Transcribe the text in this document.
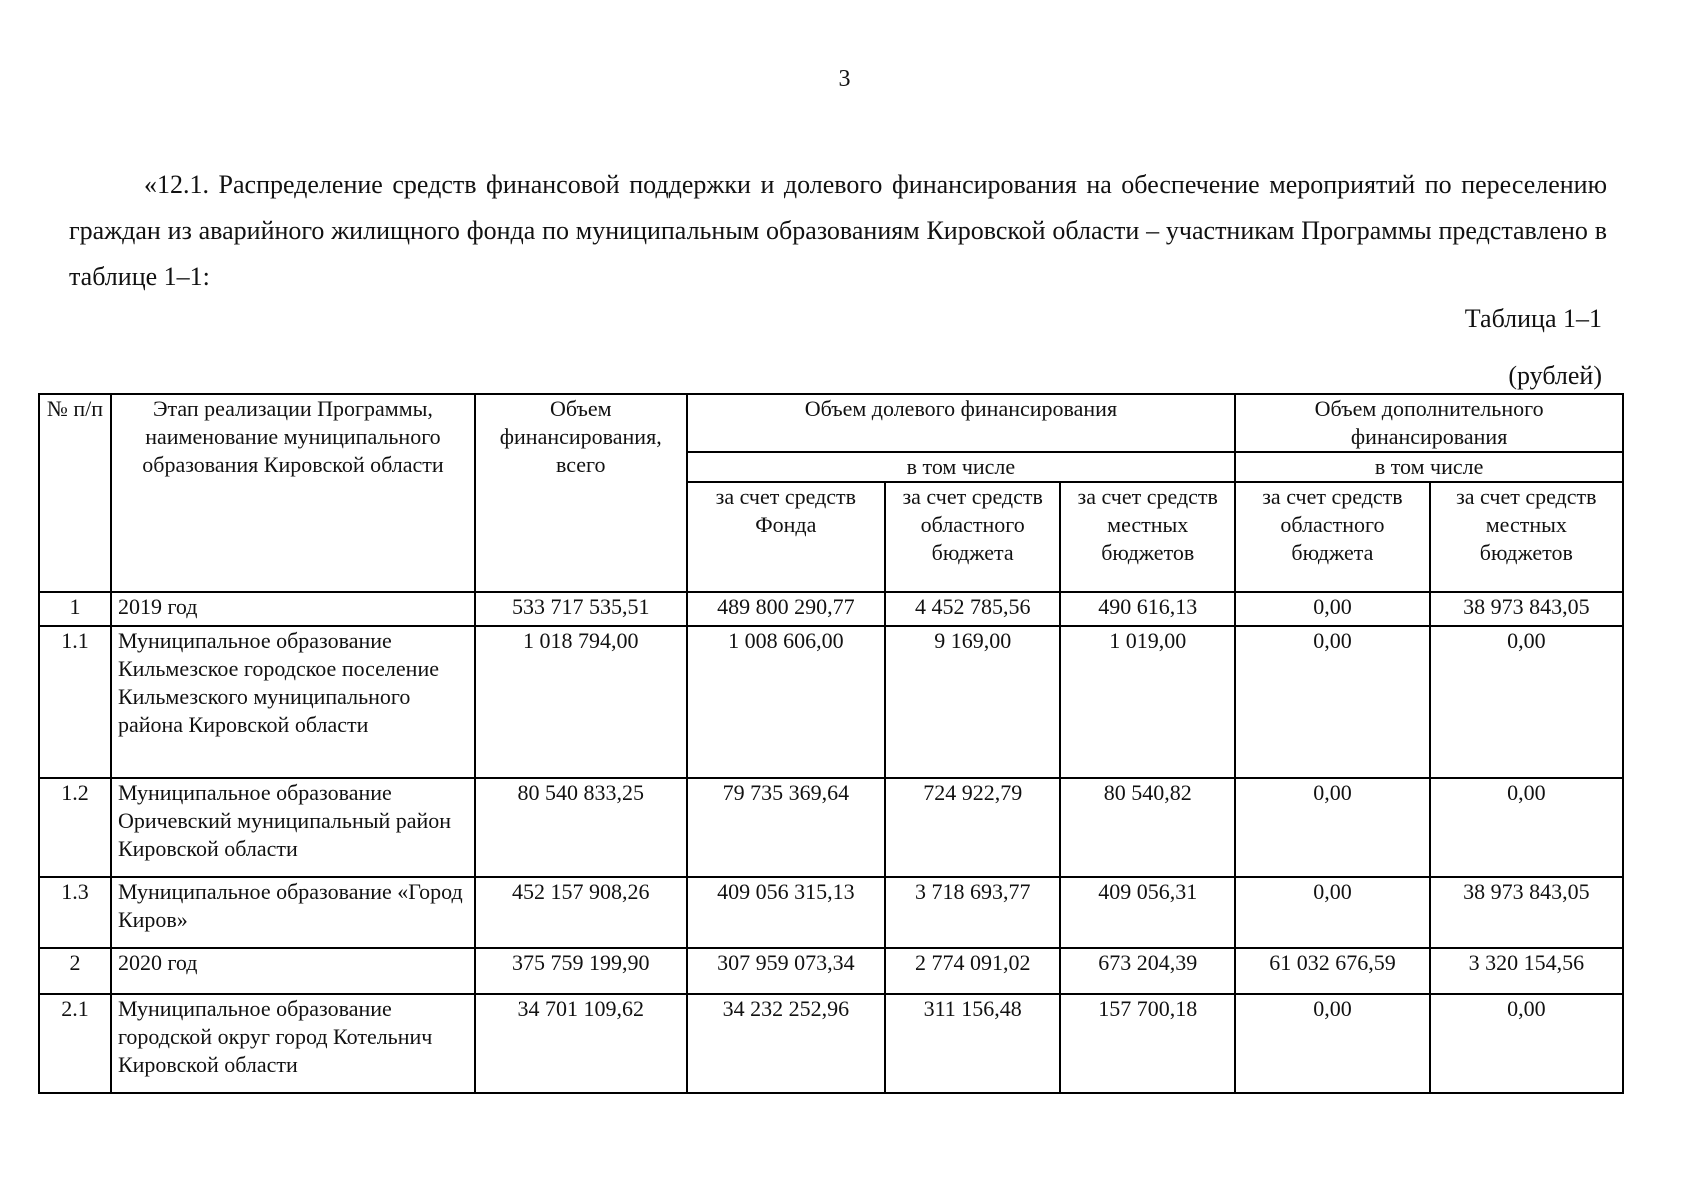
3

«12.1. Распределение средств финансовой поддержки и долевого финансирования на обеспечение мероприятий по переселению граждан из аварийного жилищного фонда по муниципальным образованиям Кировской области – участникам Программы представлено в таблице 1–1:

Таблица 1–1
(рублей)
№ п/п	Этап реализации Программы, наименование муниципального образования Кировской области	Объем финансирования, всего	Объем долевого финансирования			Объем дополнительного финансирования	
			в том числе			в том числе	
			за счет средств Фонда	за счет средств областного бюджета	за счет средств местных бюджетов	за счет средств областного бюджета	за счет средств местных бюджетов
1	2019 год	533 717 535,51	489 800 290,77	4 452 785,56	490 616,13	0,00	38 973 843,05
1.1	Муниципальное образование Кильмезское городское поселение Кильмезского муниципального района Кировской области	1 018 794,00	1 008 606,00	9 169,00	1 019,00	0,00	0,00
1.2	Муниципальное образование Оричевский муниципальный район Кировской области	80 540 833,25	79 735 369,64	724 922,79	80 540,82	0,00	0,00
1.3	Муниципальное образование «Город Киров»	452 157 908,26	409 056 315,13	3 718 693,77	409 056,31	0,00	38 973 843,05
2	2020 год	375 759 199,90	307 959 073,34	2 774 091,02	673 204,39	61 032 676,59	3 320 154,56
2.1	Муниципальное образование городской округ город Котельнич Кировской области	34 701 109,62	34 232 252,96	311 156,48	157 700,18	0,00	0,00
